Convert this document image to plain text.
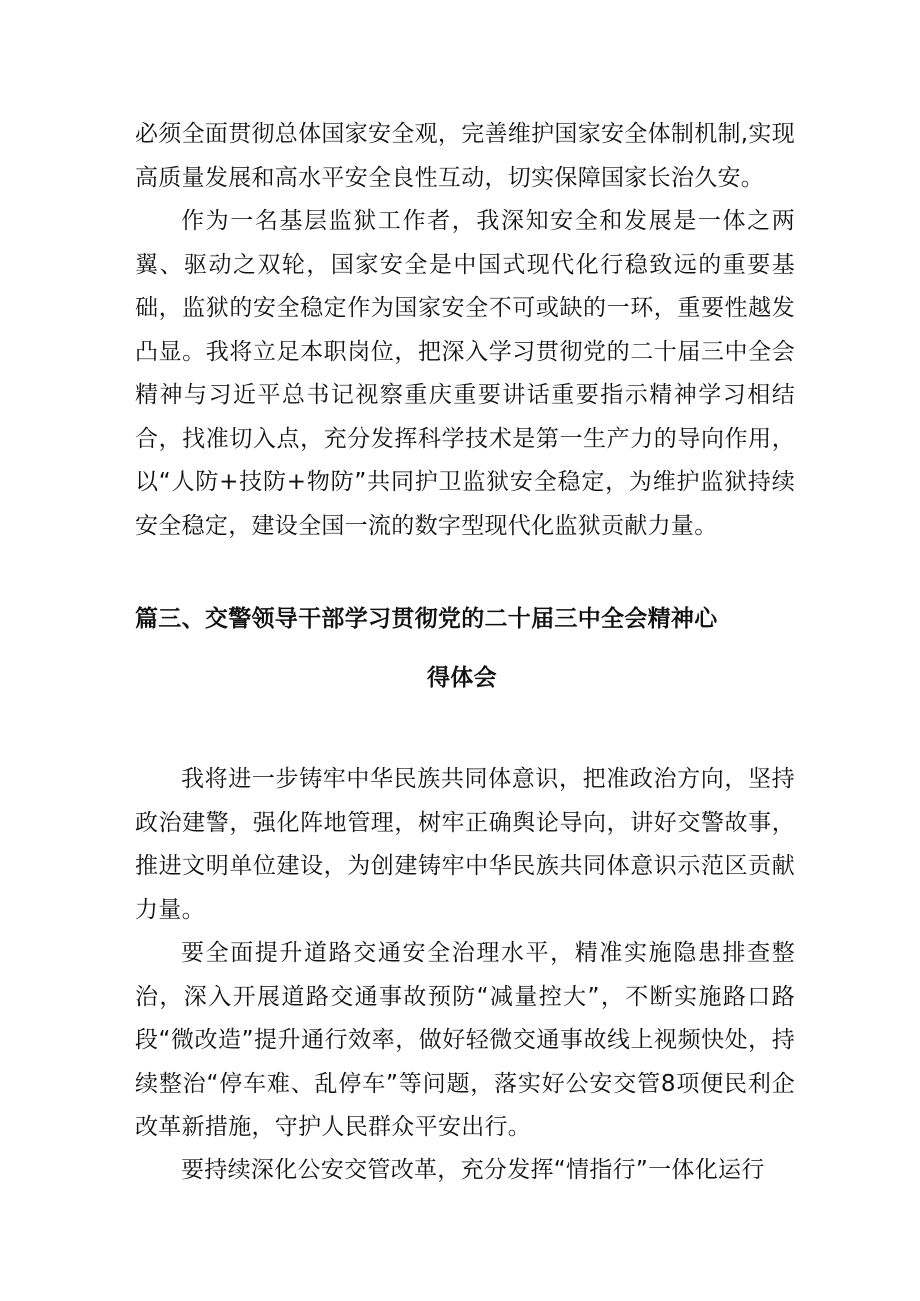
必须全面贯彻总体国家安全观，完善维护国家安全体制机制,实现高质量发展和高水平安全良性互动，切实保障国家长治久安。

作为一名基层监狱工作者，我深知安全和发展是一体之两翼、驱动之双轮，国家安全是中国式现代化行稳致远的重要基础，监狱的安全稳定作为国家安全不可或缺的一环，重要性越发凸显。我将立足本职岗位，把深入学习贯彻党的二十届三中全会精神与习近平总书记视察重庆重要讲话重要指示精神学习相结合，找准切入点，充分发挥科学技术是第一生产力的导向作用，以“人防+技防+物防”共同护卫监狱安全稳定，为维护监狱持续安全稳定，建设全国一流的数字型现代化监狱贡献力量。

篇三、交警领导干部学习贯彻党的二十届三中全会精神心
得体会

我将进一步铸牢中华民族共同体意识，把准政治方向，坚持政治建警，强化阵地管理，树牢正确舆论导向，讲好交警故事，推进文明单位建设，为创建铸牢中华民族共同体意识示范区贡献力量。

要全面提升道路交通安全治理水平，精准实施隐患排查整治，深入开展道路交通事故预防“减量控大”，不断实施路口路段“微改造”提升通行效率，做好轻微交通事故线上视频快处，持续整治“停车难、乱停车”等问题，落实好公安交管8项便民利企改革新措施，守护人民群众平安出行。

要持续深化公安交管改革，充分发挥“情指行”一体化运行
